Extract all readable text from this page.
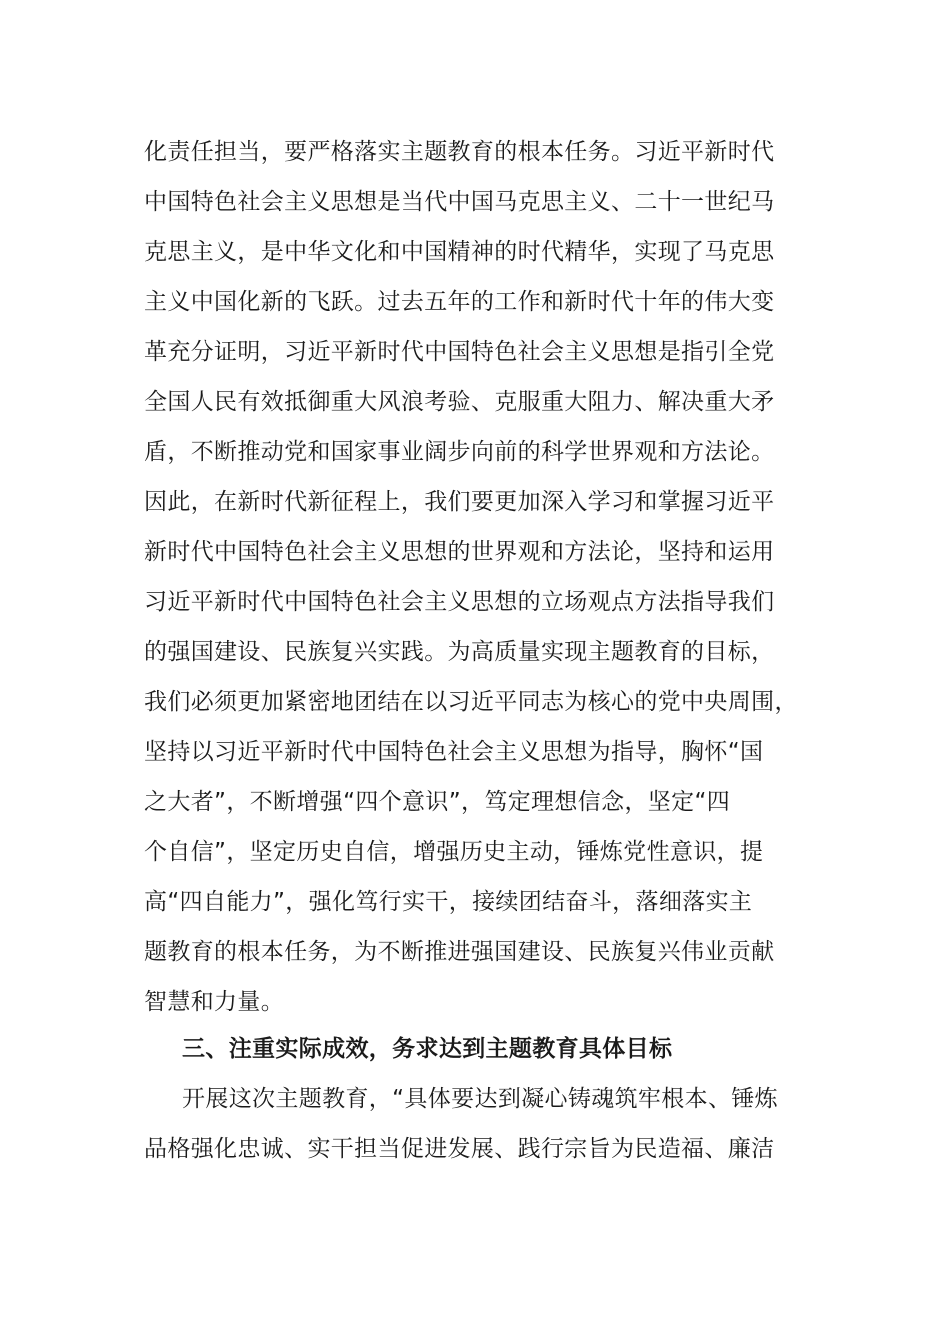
化责任担当，要严格落实主题教育的根本任务。习近平新时代
中国特色社会主义思想是当代中国马克思主义、二十一世纪马
克思主义，是中华文化和中国精神的时代精华，实现了马克思
主义中国化新的飞跃。过去五年的工作和新时代十年的伟大变
革充分证明，习近平新时代中国特色社会主义思想是指引全党
全国人民有效抵御重大风浪考验、克服重大阻力、解决重大矛
盾，不断推动党和国家事业阔步向前的科学世界观和方法论。
因此，在新时代新征程上，我们要更加深入学习和掌握习近平
新时代中国特色社会主义思想的世界观和方法论，坚持和运用
习近平新时代中国特色社会主义思想的立场观点方法指导我们
的强国建设、民族复兴实践。为高质量实现主题教育的目标，
我们必须更加紧密地团结在以习近平同志为核心的党中央周围，
坚持以习近平新时代中国特色社会主义思想为指导，胸怀“国
之大者”，不断增强“四个意识”，笃定理想信念，坚定“四
个自信”，坚定历史自信，增强历史主动，锤炼党性意识，提
高“四自能力”，强化笃行实干，接续团结奋斗，落细落实主
题教育的根本任务，为不断推进强国建设、民族复兴伟业贡献
智慧和力量。
三、注重实际成效，务求达到主题教育具体目标
开展这次主题教育，“具体要达到凝心铸魂筑牢根本、锤炼
品格强化忠诚、实干担当促进发展、践行宗旨为民造福、廉洁
